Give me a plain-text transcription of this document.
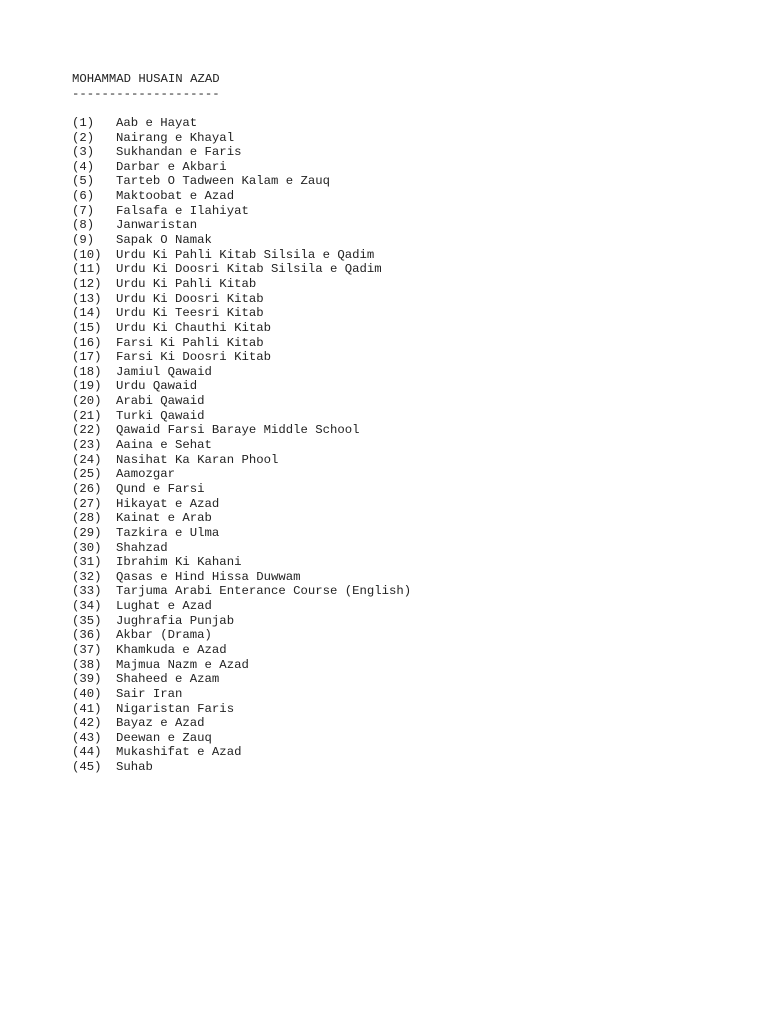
MOHAMMAD HUSAIN AZAD
--------------------
(1)	Aab e Hayat
(2)	Nairang e Khayal
(3)	Sukhandan e Faris
(4)	Darbar e Akbari
(5)	Tarteb O Tadween Kalam e Zauq
(6)	Maktoobat e Azad
(7)	Falsafa e Ilahiyat
(8)	Janwaristan
(9)	Sapak O Namak
(10)	Urdu Ki Pahli Kitab Silsila e Qadim
(11)	Urdu Ki Doosri Kitab Silsila e Qadim
(12)	Urdu Ki Pahli Kitab
(13)	Urdu Ki Doosri Kitab
(14)	Urdu Ki Teesri Kitab
(15)	Urdu Ki Chauthi Kitab
(16)	Farsi Ki Pahli Kitab
(17)	Farsi Ki Doosri Kitab
(18)	Jamiul Qawaid
(19)	Urdu Qawaid
(20)	Arabi Qawaid
(21)	Turki Qawaid
(22)	Qawaid Farsi Baraye Middle School
(23)	Aaina e Sehat
(24)	Nasihat Ka Karan Phool
(25)	Aamozgar
(26)	Qund e Farsi
(27)	Hikayat e Azad
(28)	Kainat e Arab
(29)	Tazkira e Ulma
(30)	Shahzad
(31)	Ibrahim Ki Kahani
(32)	Qasas e Hind Hissa Duwwam
(33)	Tarjuma Arabi Enterance Course (English)
(34)	Lughat e Azad
(35)	Jughrafia Punjab
(36)	Akbar (Drama)
(37)	Khamkuda e Azad
(38)	Majmua Nazm e Azad
(39)	Shaheed e Azam
(40)	Sair Iran
(41)	Nigaristan Faris
(42)	Bayaz e Azad
(43)	Deewan e Zauq
(44)	Mukashifat e Azad
(45)	Suhab
